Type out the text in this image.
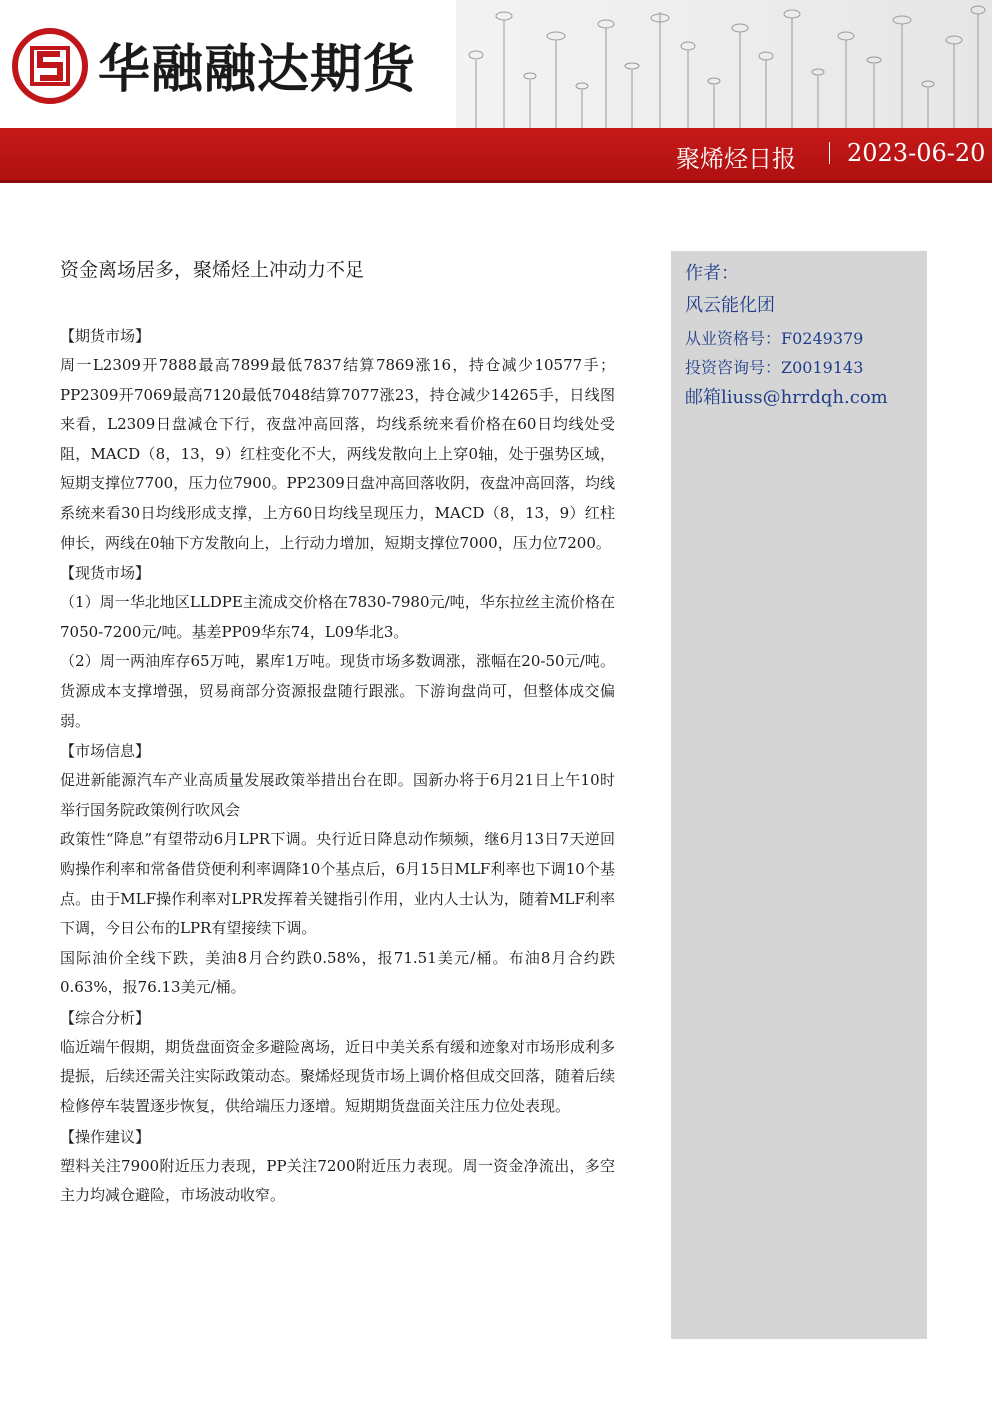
华融融达期货
聚烯烃日报 2023-06-20
资金离场居多，聚烯烃上冲动力不足
【期货市场】

周一L2309开7888最高7899最低7837结算7869涨16，持仓减少10577手；PP2309开7069最高7120最低7048结算7077涨23，持仓减少14265手，日线图来看，L2309日盘减仓下行，夜盘冲高回落，均线系统来看价格在60日均线处受阻，MACD（8，13，9）红柱变化不大，两线发散向上上穿0轴，处于强势区域，短期支撑位7700，压力位7900。PP2309日盘冲高回落收阴，夜盘冲高回落，均线系统来看30日均线形成支撑，上方60日均线呈现压力，MACD（8，13，9）红柱伸长，两线在0轴下方发散向上，上行动力增加，短期支撑位7000，压力位7200。

【现货市场】

（1）周一华北地区LLDPE主流成交价格在7830-7980元/吨，华东拉丝主流价格在7050-7200元/吨。基差PP09华东74，L09华北3。

（2）周一两油库存65万吨，累库1万吨。现货市场多数调涨，涨幅在20-50元/吨。货源成本支撑增强，贸易商部分资源报盘随行跟涨。下游询盘尚可，但整体成交偏弱。

【市场信息】

促进新能源汽车产业高质量发展政策举措出台在即。国新办将于6月21日上午10时举行国务院政策例行吹风会

政策性“降息”有望带动6月LPR下调。央行近日降息动作频频，继6月13日7天逆回购操作利率和常备借贷便利利率调降10个基点后，6月15日MLF利率也下调10个基点。由于MLF操作利率对LPR发挥着关键指引作用，业内人士认为，随着MLF利率下调，今日公布的LPR有望接续下调。

国际油价全线下跌，美油8月合约跌0.58%，报71.51美元/桶。布油8月合约跌0.63%，报76.13美元/桶。

【综合分析】

临近端午假期，期货盘面资金多避险离场，近日中美关系有缓和迹象对市场形成利多提振，后续还需关注实际政策动态。聚烯烃现货市场上调价格但成交回落，随着后续检修停车装置逐步恢复，供给端压力逐增。短期期货盘面关注压力位处表现。

【操作建议】

塑料关注7900附近压力表现，PP关注7200附近压力表现。周一资金净流出，多空主力均减仓避险，市场波动收窄。

作者：
风云能化团
从业资格号：F0249379
投资咨询号：Z0019143
邮箱liuss@hrrdqh.com
